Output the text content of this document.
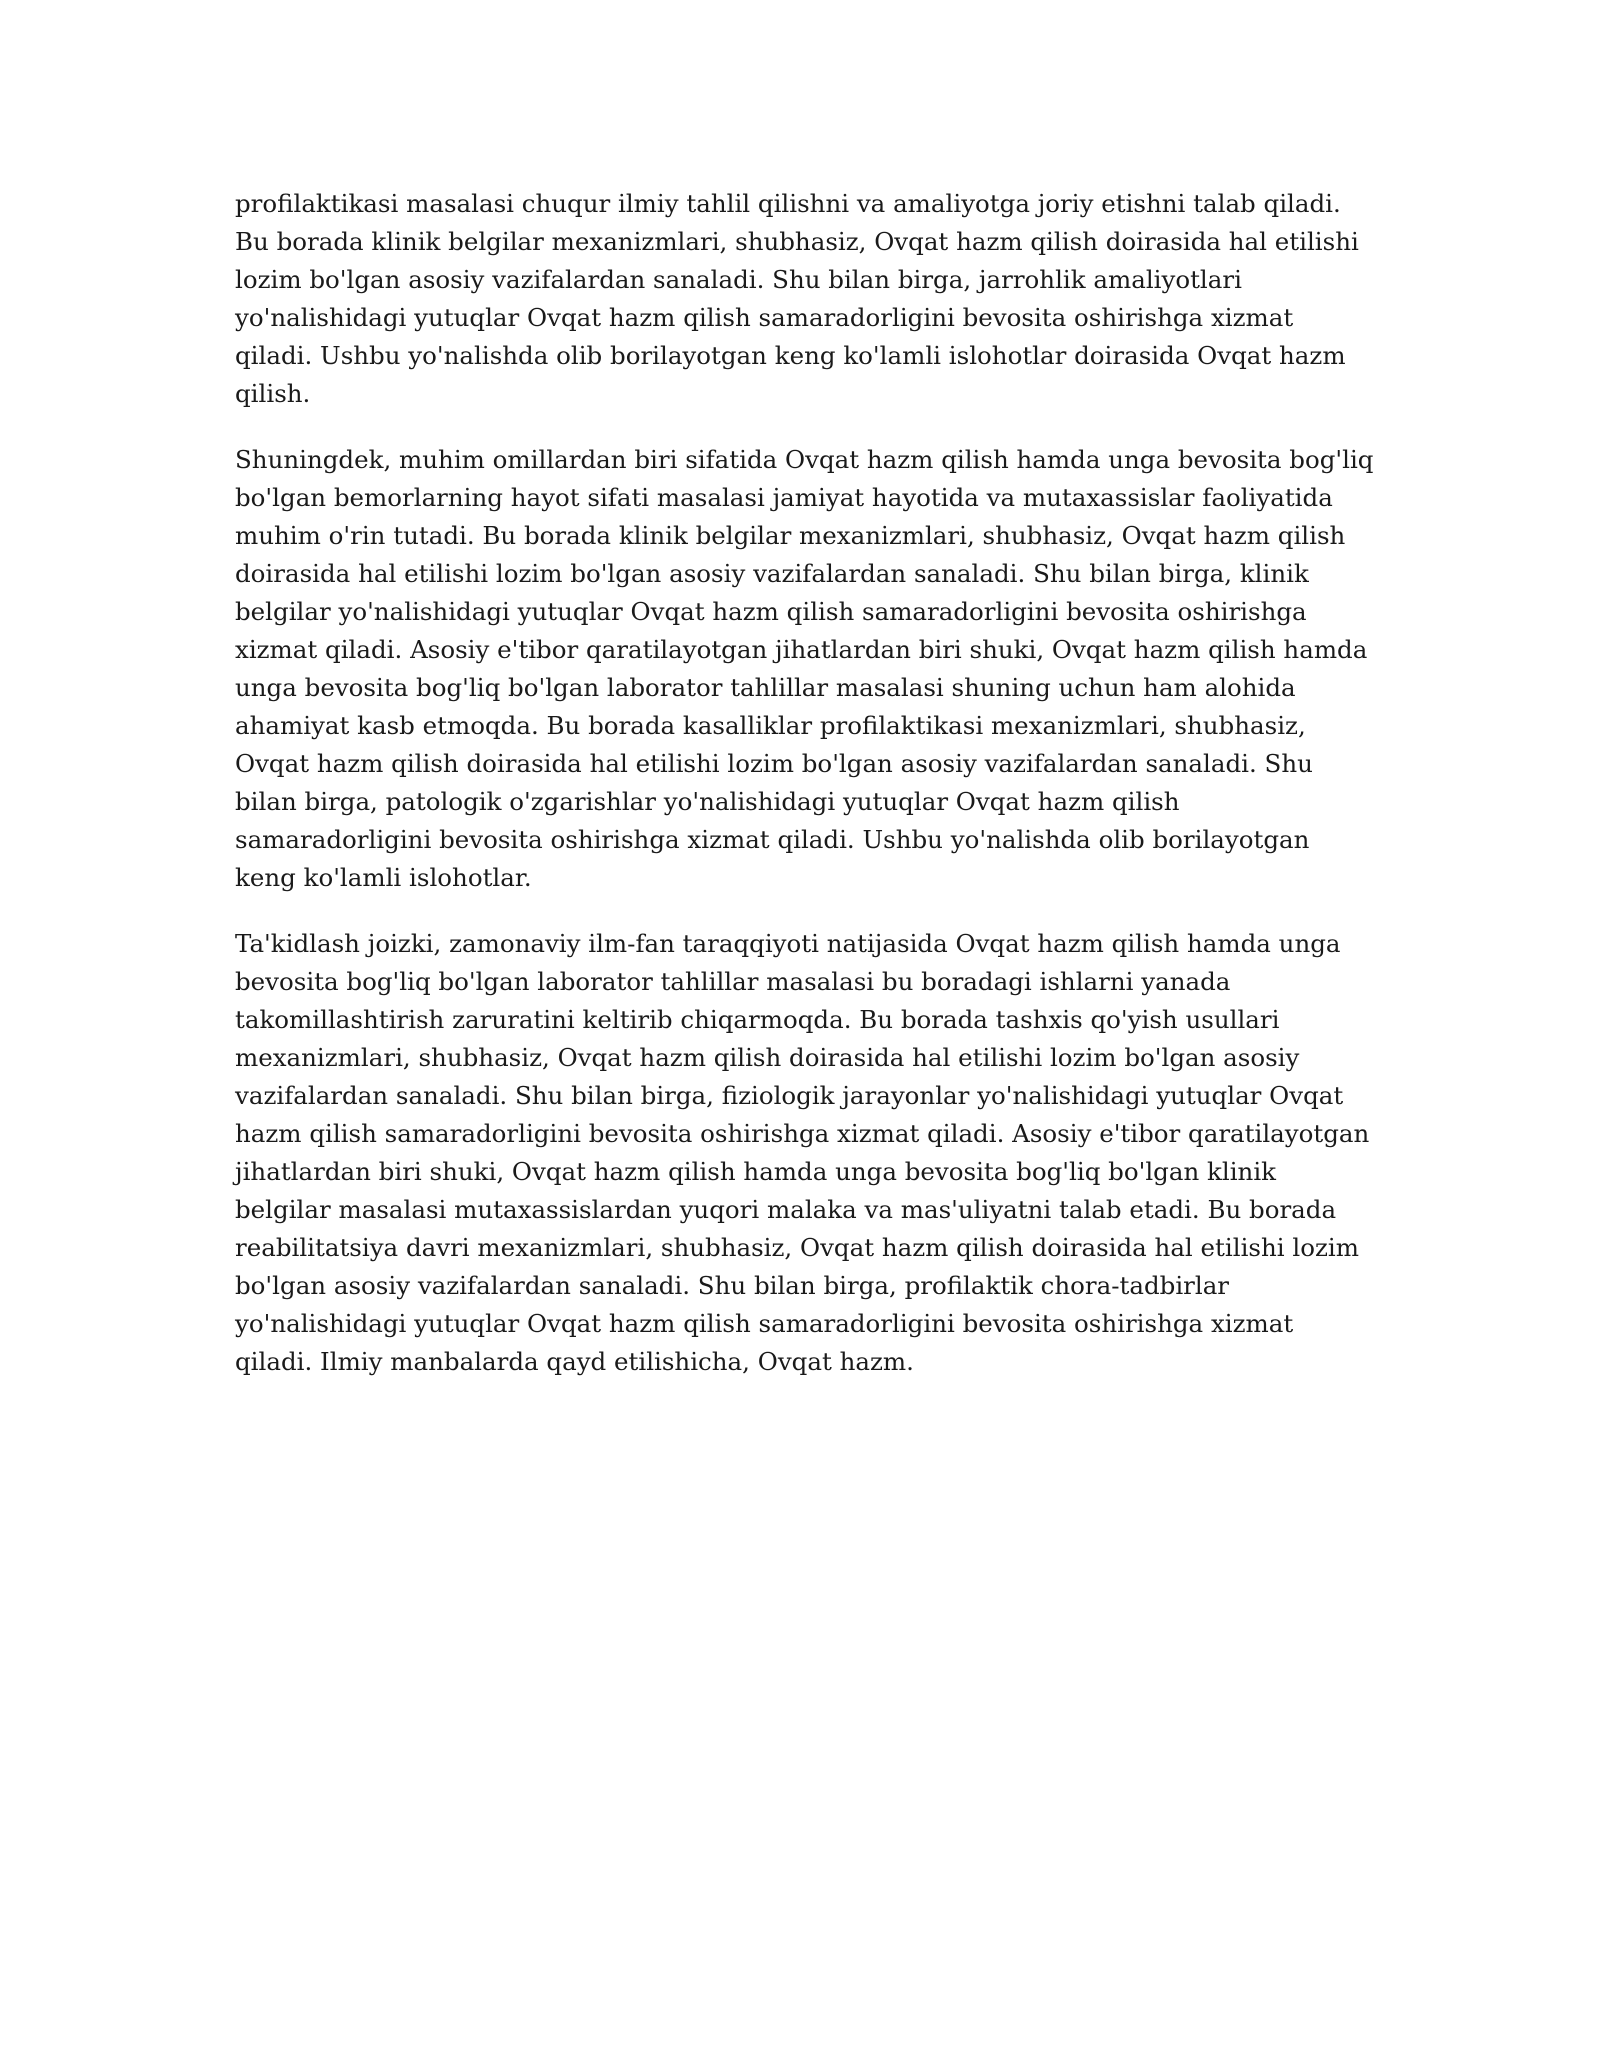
profilaktikasi masalasi chuqur ilmiy tahlil qilishni va amaliyotga joriy etishni talab qiladi. Bu borada klinik belgilar mexanizmlari, shubhasiz, Ovqat hazm qilish doirasida hal etilishi lozim bo'lgan asosiy vazifalardan sanaladi. Shu bilan birga, jarrohlik amaliyotlari yo'nalishidagi yutuqlar Ovqat hazm qilish samaradorligini bevosita oshirishga xizmat qiladi. Ushbu yo'nalishda olib borilayotgan keng ko'lamli islohotlar doirasida Ovqat hazm qilish.

Shuningdek, muhim omillardan biri sifatida Ovqat hazm qilish hamda unga bevosita bog'liq bo'lgan bemorlarning hayot sifati masalasi jamiyat hayotida va mutaxassislar faoliyatida muhim o'rin tutadi. Bu borada klinik belgilar mexanizmlari, shubhasiz, Ovqat hazm qilish doirasida hal etilishi lozim bo'lgan asosiy vazifalardan sanaladi. Shu bilan birga, klinik belgilar yo'nalishidagi yutuqlar Ovqat hazm qilish samaradorligini bevosita oshirishga xizmat qiladi. Asosiy e'tibor qaratilayotgan jihatlardan biri shuki, Ovqat hazm qilish hamda unga bevosita bog'liq bo'lgan laborator tahlillar masalasi shuning uchun ham alohida ahamiyat kasb etmoqda. Bu borada kasalliklar profilaktikasi mexanizmlari, shubhasiz, Ovqat hazm qilish doirasida hal etilishi lozim bo'lgan asosiy vazifalardan sanaladi. Shu bilan birga, patologik o'zgarishlar yo'nalishidagi yutuqlar Ovqat hazm qilish samaradorligini bevosita oshirishga xizmat qiladi. Ushbu yo'nalishda olib borilayotgan keng ko'lamli islohotlar.

Ta'kidlash joizki, zamonaviy ilm-fan taraqqiyoti natijasida Ovqat hazm qilish hamda unga bevosita bog'liq bo'lgan laborator tahlillar masalasi bu boradagi ishlarni yanada takomillashtirish zaruratini keltirib chiqarmoqda. Bu borada tashxis qo'yish usullari mexanizmlari, shubhasiz, Ovqat hazm qilish doirasida hal etilishi lozim bo'lgan asosiy vazifalardan sanaladi. Shu bilan birga, fiziologik jarayonlar yo'nalishidagi yutuqlar Ovqat hazm qilish samaradorligini bevosita oshirishga xizmat qiladi. Asosiy e'tibor qaratilayotgan jihatlardan biri shuki, Ovqat hazm qilish hamda unga bevosita bog'liq bo'lgan klinik belgilar masalasi mutaxassislardan yuqori malaka va mas'uliyatni talab etadi. Bu borada reabilitatsiya davri mexanizmlari, shubhasiz, Ovqat hazm qilish doirasida hal etilishi lozim bo'lgan asosiy vazifalardan sanaladi. Shu bilan birga, profilaktik chora-tadbirlar yo'nalishidagi yutuqlar Ovqat hazm qilish samaradorligini bevosita oshirishga xizmat qiladi. Ilmiy manbalarda qayd etilishicha, Ovqat hazm.
